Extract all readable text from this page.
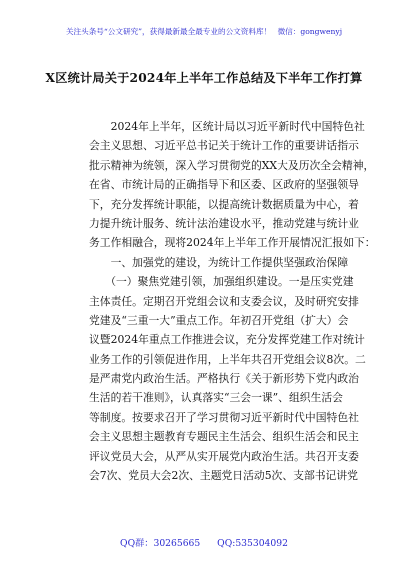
关注头条号“公文研究”，获得最新最全最专业的公文资料库！ 微信：gongwenyj
X区统计局关于2024年上半年工作总结及下半年工作打算
　　2024年上半年，区统计局以习近平新时代中国特色社
会主义思想、习近平总书记关于统计工作的重要讲话指示
批示精神为统领，深入学习贯彻党的XX大及历次全会精神，
在省、市统计局的正确指导下和区委、区政府的坚强领导
下，充分发挥统计职能，以提高统计数据质量为中心，着
力提升统计服务、统计法治建设水平，推动党建与统计业
务工作相融合，现将2024年上半年工作开展情况汇报如下：
　　一、加强党的建设，为统计工作提供坚强政治保障
　　（一）聚焦党建引领，加强组织建设。一是压实党建
主体责任。定期召开党组会议和支委会议，及时研究安排
党建及“三重一大”重点工作。年初召开党组（扩大）会
议暨2024年重点工作推进会议，充分发挥党建工作对统计
业务工作的引领促进作用，上半年共召开党组会议8次。二
是严肃党内政治生活。严格执行《关于新形势下党内政治
生活的若干准则》，认真落实“三会一课”、组织生活会
等制度。按要求召开了学习贯彻习近平新时代中国特色社
会主义思想主题教育专题民主生活会、组织生活会和民主
评议党员大会，从严从实开展党内政治生活。共召开支委
会7次、党员大会2次、主题党日活动5次、支部书记讲党
QQ群：30265665 QQ:535304092
